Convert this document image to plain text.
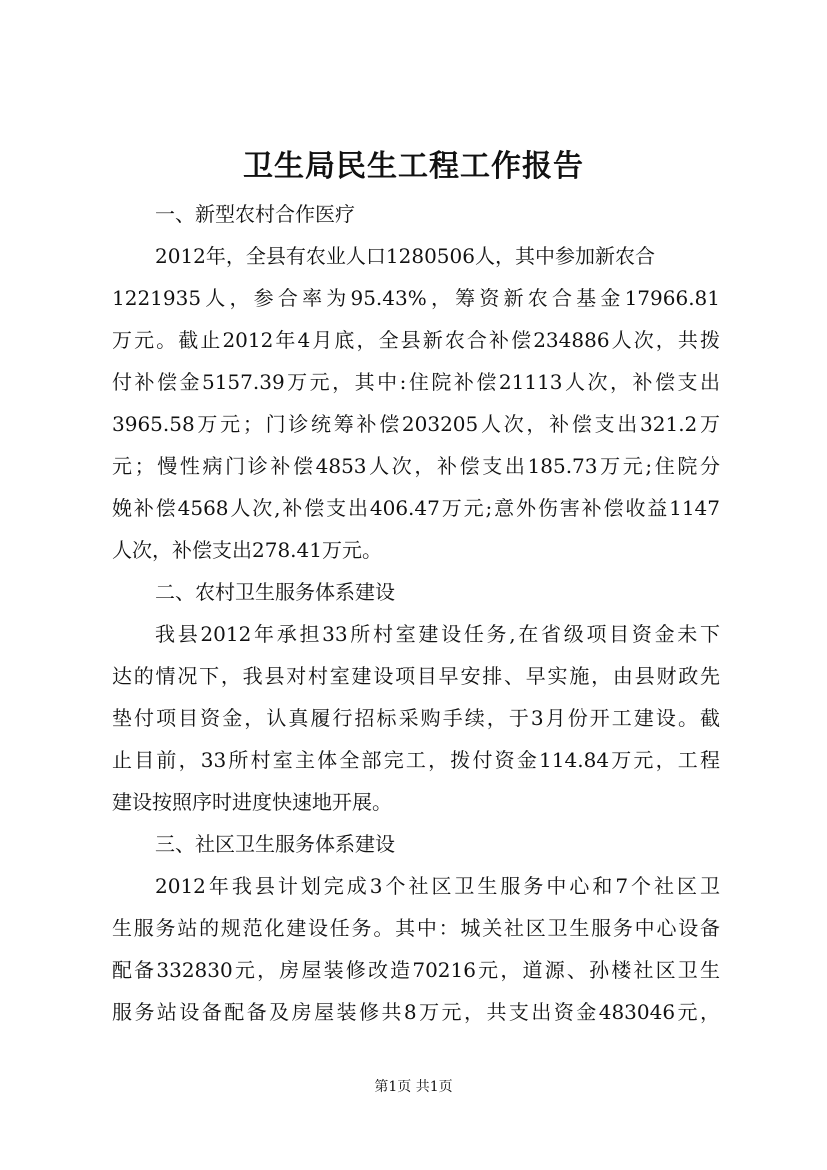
卫生局民生工程工作报告

一、新型农村合作医疗

2012年，全县有农业人口1280506人，其中参加新农合

1221935人，参合率为95.43%，筹资新农合基金17966.81

万元。截止2012年4月底，全县新农合补偿234886人次，共拨

付补偿金5157.39万元，其中:住院补偿21113人次，补偿支出

3965.58万元；门诊统筹补偿203205人次，补偿支出321.2万

元；慢性病门诊补偿4853人次，补偿支出185.73万元;住院分

娩补偿4568人次,补偿支出406.47万元;意外伤害补偿收益1147

人次，补偿支出278.41万元。

二、农村卫生服务体系建设

我县2012年承担33所村室建设任务,在省级项目资金未下

达的情况下，我县对村室建设项目早安排、早实施，由县财政先

垫付项目资金，认真履行招标采购手续，于3月份开工建设。截

止目前，33所村室主体全部完工，拨付资金114.84万元，工程

建设按照序时进度快速地开展。

三、社区卫生服务体系建设

2012年我县计划完成3个社区卫生服务中心和7个社区卫

生服务站的规范化建设任务。其中：城关社区卫生服务中心设备

配备332830元，房屋装修改造70216元，道源、孙楼社区卫生

服务站设备配备及房屋装修共8万元，共支出资金483046元，

第1页 共1页
